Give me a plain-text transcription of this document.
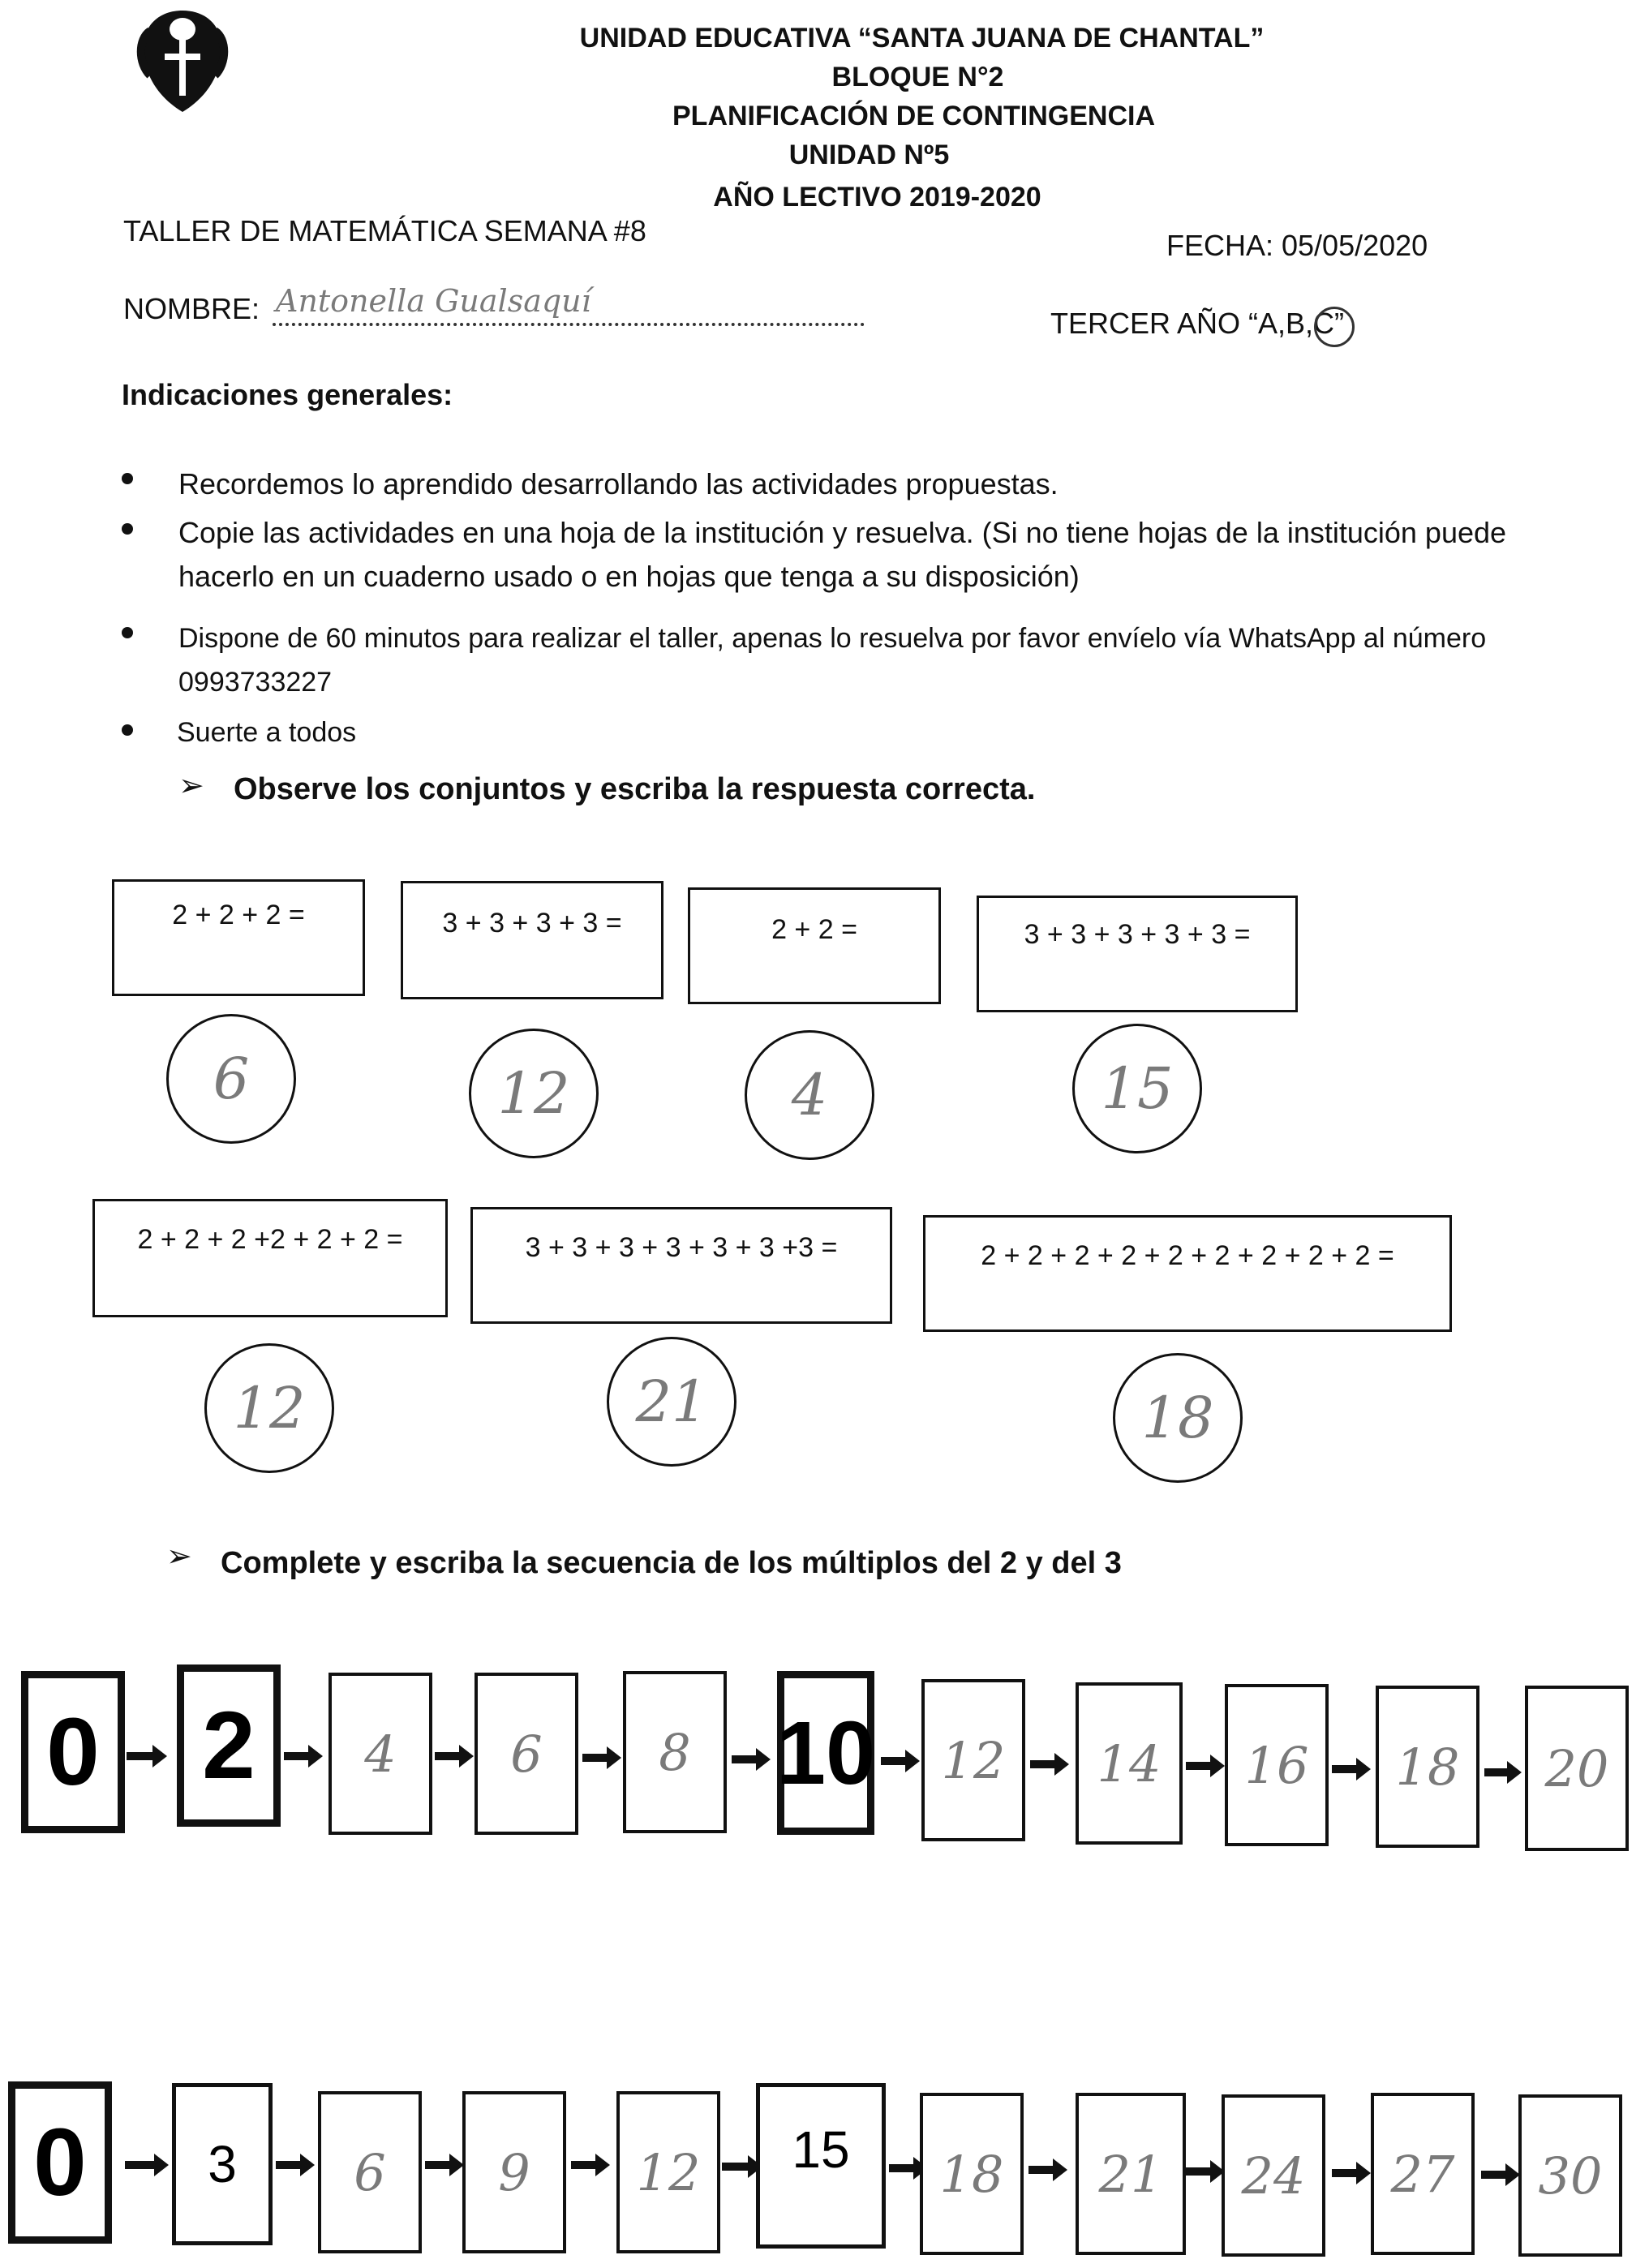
UNIDAD EDUCATIVA “SANTA JUANA DE CHANTAL”
BLOQUE N°2
PLANIFICACIÓN DE CONTINGENCIA
UNIDAD Nº5
AÑO LECTIVO 2019-2020
TALLER DE MATEMÁTICA SEMANA #8	FECHA: 05/05/2020
NOMBRE: Antonella Gualsaquí
TERCER AÑO “A,B,C”
Indicaciones generales:
Recordemos lo aprendido desarrollando las actividades propuestas.
Copie las actividades en una hoja de la institución y resuelva. (Si no tiene hojas de la institución puede hacerlo en un cuaderno usado o en hojas que tenga a su disposición)
Dispone de 60 minutos para realizar el taller, apenas lo resuelva por favor envíelo vía WhatsApp al número 0993733227
Suerte a todos
➢ Observe los conjuntos y escriba la respuesta correcta.
2 + 2 + 2 =
6
3 + 3 + 3 + 3 =
12
2 + 2 =
4
3 + 3 + 3 + 3 + 3 =
15
2 + 2 + 2 +2 + 2 + 2 =
12
3 + 3 + 3 + 3 + 3 + 3 +3 =
21
2 + 2 + 2 + 2 + 2 + 2 + 2 + 2 + 2 =
18
➢ Complete y escriba la secuencia de los múltiplos del 2 y del 3
0 2 4 6 8 10 12 14 16 18 20
0 3 6 9 12 15 18 21 24 27 30
